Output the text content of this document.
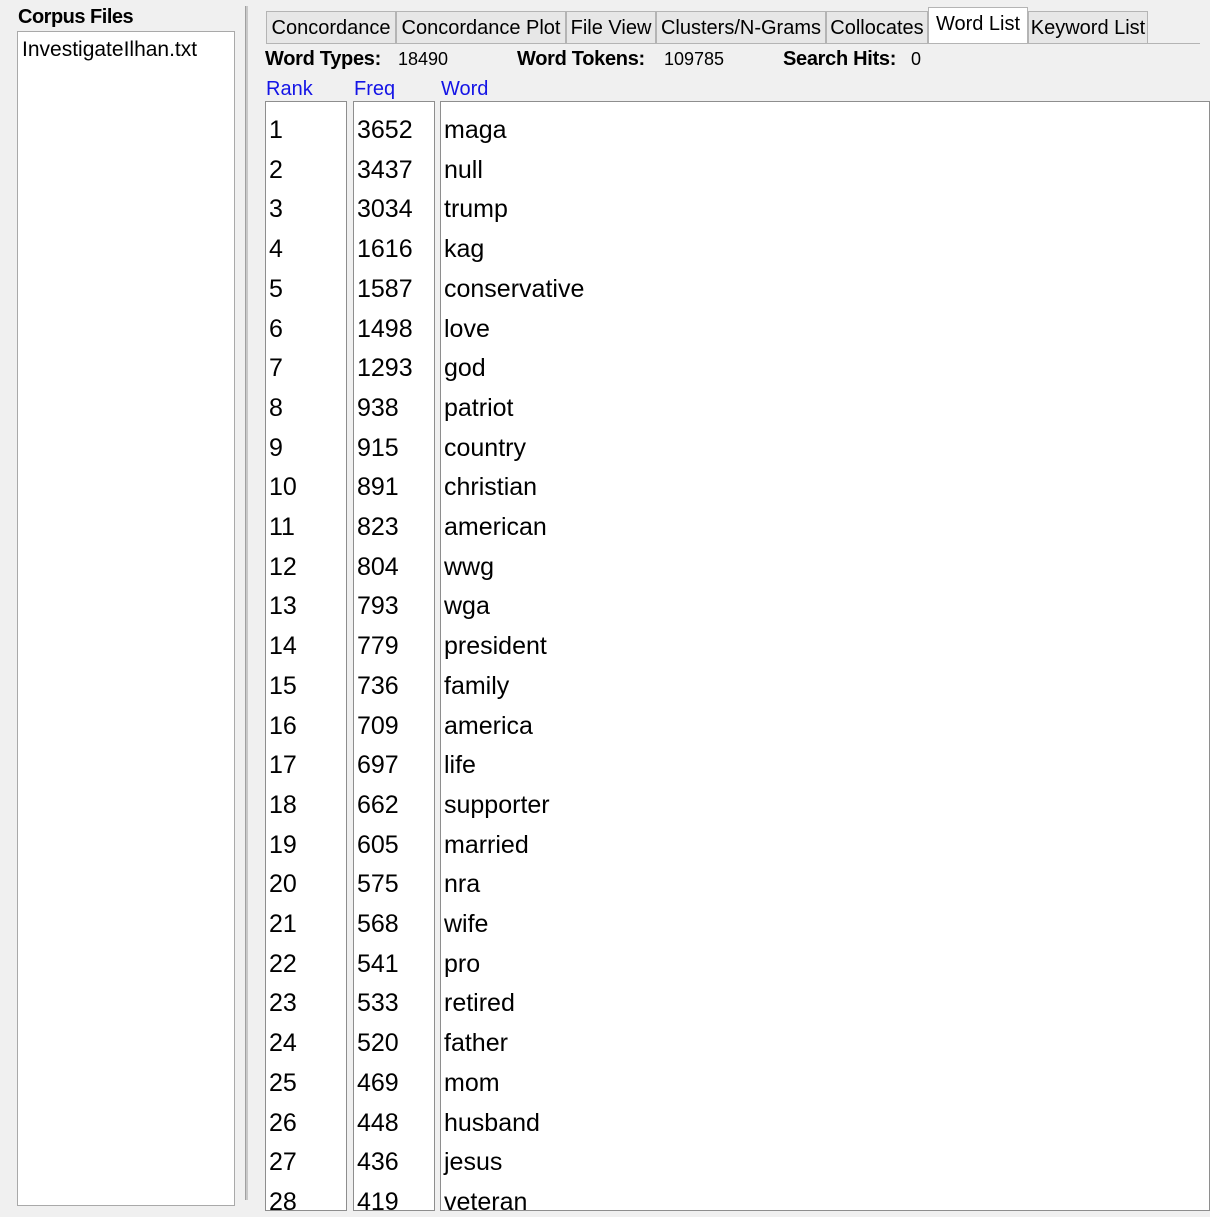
Corpus Files
InvestigateIlhan.txt
Concordance Concordance Plot File View Clusters/N-Grams Collocates Word List Keyword List
Word Types: 18490	Word Tokens: 109785	Search Hits: 0
Rank Freq Word
1
2
3
4
5
6
7
8
9
10
11
12
13
14
15
16
17
18
19
20
21
22
23
24
25
26
27
28
3652
3437
3034
1616
1587
1498
1293
938
915
891
823
804
793
779
736
709
697
662
605
575
568
541
533
520
469
448
436
419
maga
null
trump
kag
conservative
love
god
patriot
country
christian
american
wwg
wga
president
family
america
life
supporter
married
nra
wife
pro
retired
father
mom
husband
jesus
veteran
